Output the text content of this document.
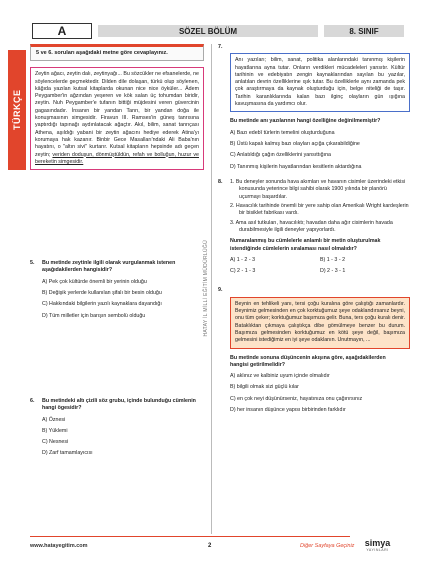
A	SÖZEL BÖLÜM	8. SINIF
TÜRKÇE
HATAY İL MİLLİ EĞİTİM MÜDÜRLÜĞÜ
5 ve 6. soruları aşağıdaki metne göre cevaplayınız.
Zeytin ağacı, zeytin dalı, zeytinyağı... Bu sözcükler ne efsanelerde, ne söylencelerde geçmektedir. Dilden dile dolaşan, türkü olup söylenen, kâğıda yazılan kutsal kitaplarda okunan nice nice öyküler... Âdem Peygamber'in ağzından yeşeren ve kök salan üç tohumdan biridir, zeytin. Nuh Peygamber'e tufanın bittiği müjdesini veren güvercinin gagasındadır. İnsanın bir yandan Tanrı, bir yandan doğa ile konuşmasının simgesidir. Firavun III. Ramses'in güneş tanrısına yaptırdığı tapınağı aydınlatacak ağaçtır. Akıl, bilim, sanat tanrıçası Athena, aşıldığı yabani bir zeytin ağacını hediye ederek Atina'yı korumaya hak kazanır. Binbir Gece Masalları'ndaki Ali Baba'nın hayatını, o "altın sivi" kurtarır. Kutsal kitapların hepsinde adı geçen zeytin; veriden doduşun, dönmüştüldün, refah ve bolluğun, huzur ve bereketin simgesidir.
5. Bu metinde zeytinle ilgili olarak vurgulanmak istenen aşağıdakilerden hangisidir?
A) Pek çok kültürde önemli bir yerinin olduğu
B) Değişik yerlerde kullanılan şifalı bir besin olduğu
C) Hakkındaki bilgilerin yazılı kaynaklara dayandığı
D) Tüm milletler için barışın sembolü olduğu
6. Bu metindeki altı çizili söz grubu, içinde bulunduğu cümlenin hangi ögesidir?
A) Öznesi
B) Yüklemi
C) Nesnesi
D) Zarf tamamlayıcısı
7.
Anı yazıları; bilim, sanat, politika alanlarındaki tanınmış kişilerin hayatlarına ayna tutar. Onların verdikleri mücadeleleri yansıtır. Kültür tarihinin ve edebiyatın zengin kaynaklarından sayılan bu yazılar, anlatılan devrin özelliklerine ışık tutar. Bu özelliklerle aynı zamanda pek çok araştırmaya da kaynak oluşturduğu için, belge niteliği de taşır. Tarihin karanlıklarında kalan bazı ilginç olayların gün ışığına kavuşmasına da yardımcı olur.
Bu metinde anı yazılarının hangi özelliğine değinilmemiştir?
A) Bazı edebî türlerin temelini oluşturduğuna
B) Üstü kapalı kalmış bazı olayları açığa çıkarabildiğine
C) Anlatıldığı çağın özelliklerini yansıttığına
D) Tanınmış kişilerin hayatlarından kesitlerin aktardığına
8. 1. Bu deneyler sonunda hava akımları ve havanın cisimler üzerindeki etkisi konusunda yeterince bilgi sahibi olarak 1900 yılında bir planörü uçurmayı başardılar.
2. Havacılık tarihinde önemli bir yere sahip olan Amerikalı Wright kardeşlerin bir bisiklet fabrikası vardı.
3. Ama asıl tutkuları, havacılıktı; havadan daha ağır cisimlerin havada durabilmesiyle ilgili deneyler yapıyorlardı.
Numaralanmış bu cümlelerle anlamlı bir metin oluşturulmak istendiğinde cümlelerin sıralaması nasıl olmalıdır?
A) 1 - 2 - 3	B) 1 - 3 - 2
C) 2 - 1 - 3	D) 2 - 3 - 1
9.
Beynin en tehlikeli yanı, tersi çoğu kuralına göre çalıştığı zamanlardır. Beynimiz gelmesinden en çok korktuğumuz şeye odaklandırsanız beyni, onu tüm çeker; korktuğumuz başımıza gelir. Buna, ters çoğu kuralı denir. Bataklıktan çıkmaya çalıştıkça dibe gömülmeye benzer bu durum. Başımıza gelmesinden korktuğumuz en kötü şeye değil, başımıza gelmesini istediğimiz en iyi şeye odaklanın. Unutmayın, ...
Bu metinde sonuna düşüncenin akışına göre, aşağıdakilerden hangisi getirilmelidir?
A) aklınız ve kalbiniz uyum içinde olmalıdır
B) bilgili olmak sizi güçlü kılar
C) en çok neyi düşünürseniz, hayatınıza onu çağırırsınız
D) her insanın düşünce yapısı birbirinden farklıdır
www.hatayegitim.com	2	Diğer Sayfaya Geçiniz	simya
YAYINLARI
